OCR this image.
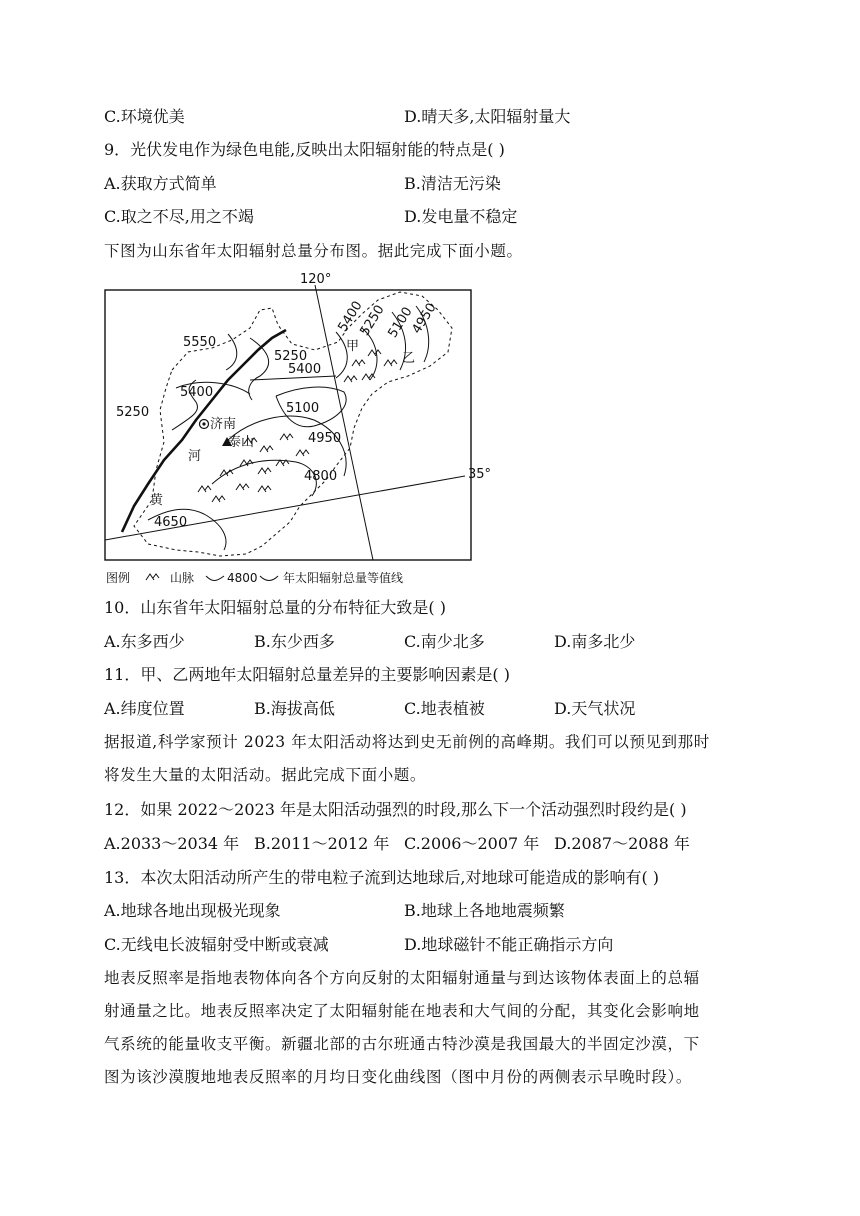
C.环境优美	D.晴天多,太阳辐射量大
9．光伏发电作为绿色电能,反映出太阳辐射能的特点是( )
A.获取方式简单	B.清洁无污染
C.取之不尽,用之不竭	D.发电量不稳定
下图为山东省年太阳辐射总量分布图。据此完成下面小题。
120°
35°
5550
5250
5400
5250
5400
5100
4950
4800
4650
5400
5250
5100
4950
济南
泰山
河
黄
甲
乙
图例	山脉	4800 年太阳辐射总量等值线
10．山东省年太阳辐射总量的分布特征大致是( )
A.东多西少	B.东少西多	C.南少北多	D.南多北少
11．甲、乙两地年太阳辐射总量差异的主要影响因素是( )
A.纬度位置	B.海拔高低	C.地表植被	D.天气状况
据报道,科学家预计 2023 年太阳活动将达到史无前例的高峰期。我们可以预见到那时
将发生大量的太阳活动。据此完成下面小题。
12．如果 2022～2023 年是太阳活动强烈的时段,那么下一个活动强烈时段约是( )
A.2033～2034 年 B.2011～2012 年 C.2006～2007 年 D.2087～2088 年
13．本次太阳活动所产生的带电粒子流到达地球后,对地球可能造成的影响有( )
A.地球各地出现极光现象	B.地球上各地地震频繁
C.无线电长波辐射受中断或衰减	D.地球磁针不能正确指示方向
地表反照率是指地表物体向各个方向反射的太阳辐射通量与到达该物体表面上的总辐
射通量之比。地表反照率决定了太阳辐射能在地表和大气间的分配，其变化会影响地
气系统的能量收支平衡。新疆北部的古尔班通古特沙漠是我国最大的半固定沙漠，下
图为该沙漠腹地地表反照率的月均日变化曲线图（图中月份的两侧表示早晚时段）。
